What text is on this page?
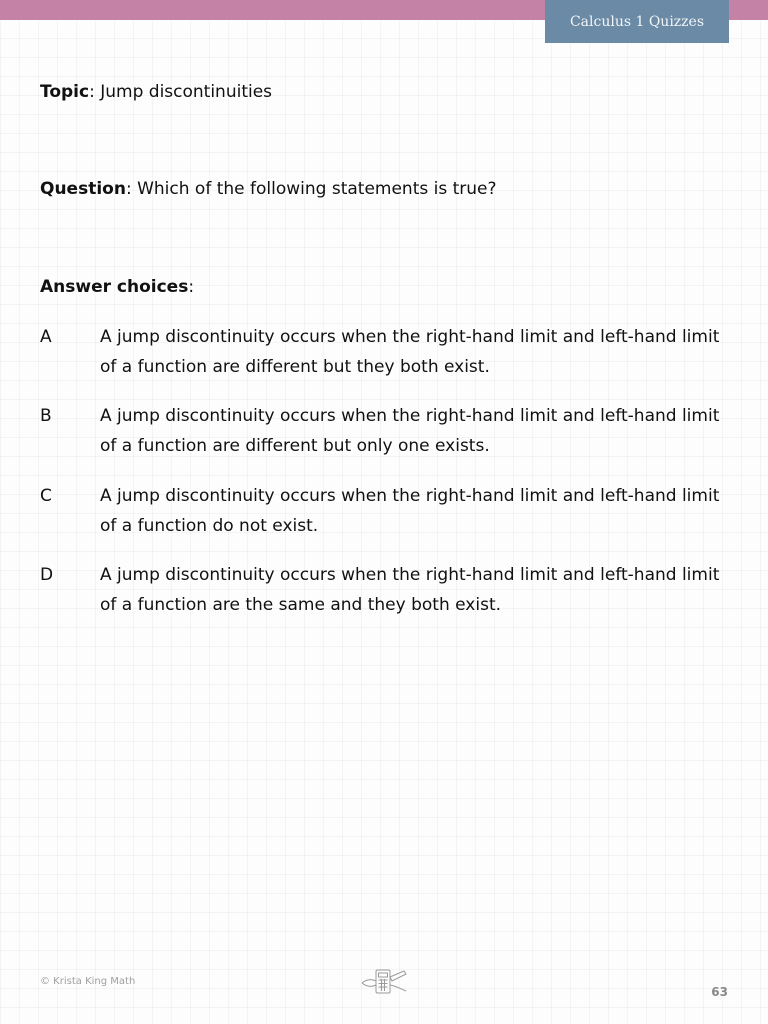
Calculus 1 Quizzes
Topic: Jump discontinuities
Question: Which of the following statements is true?
Answer choices:
A	A jump discontinuity occurs when the right-hand limit and left-hand limit of a function are different but they both exist.
B	A jump discontinuity occurs when the right-hand limit and left-hand limit of a function are different but only one exists.
C	A jump discontinuity occurs when the right-hand limit and left-hand limit of a function do not exist.
D	A jump discontinuity occurs when the right-hand limit and left-hand limit of a function are the same and they both exist.
© Krista King Math
63
